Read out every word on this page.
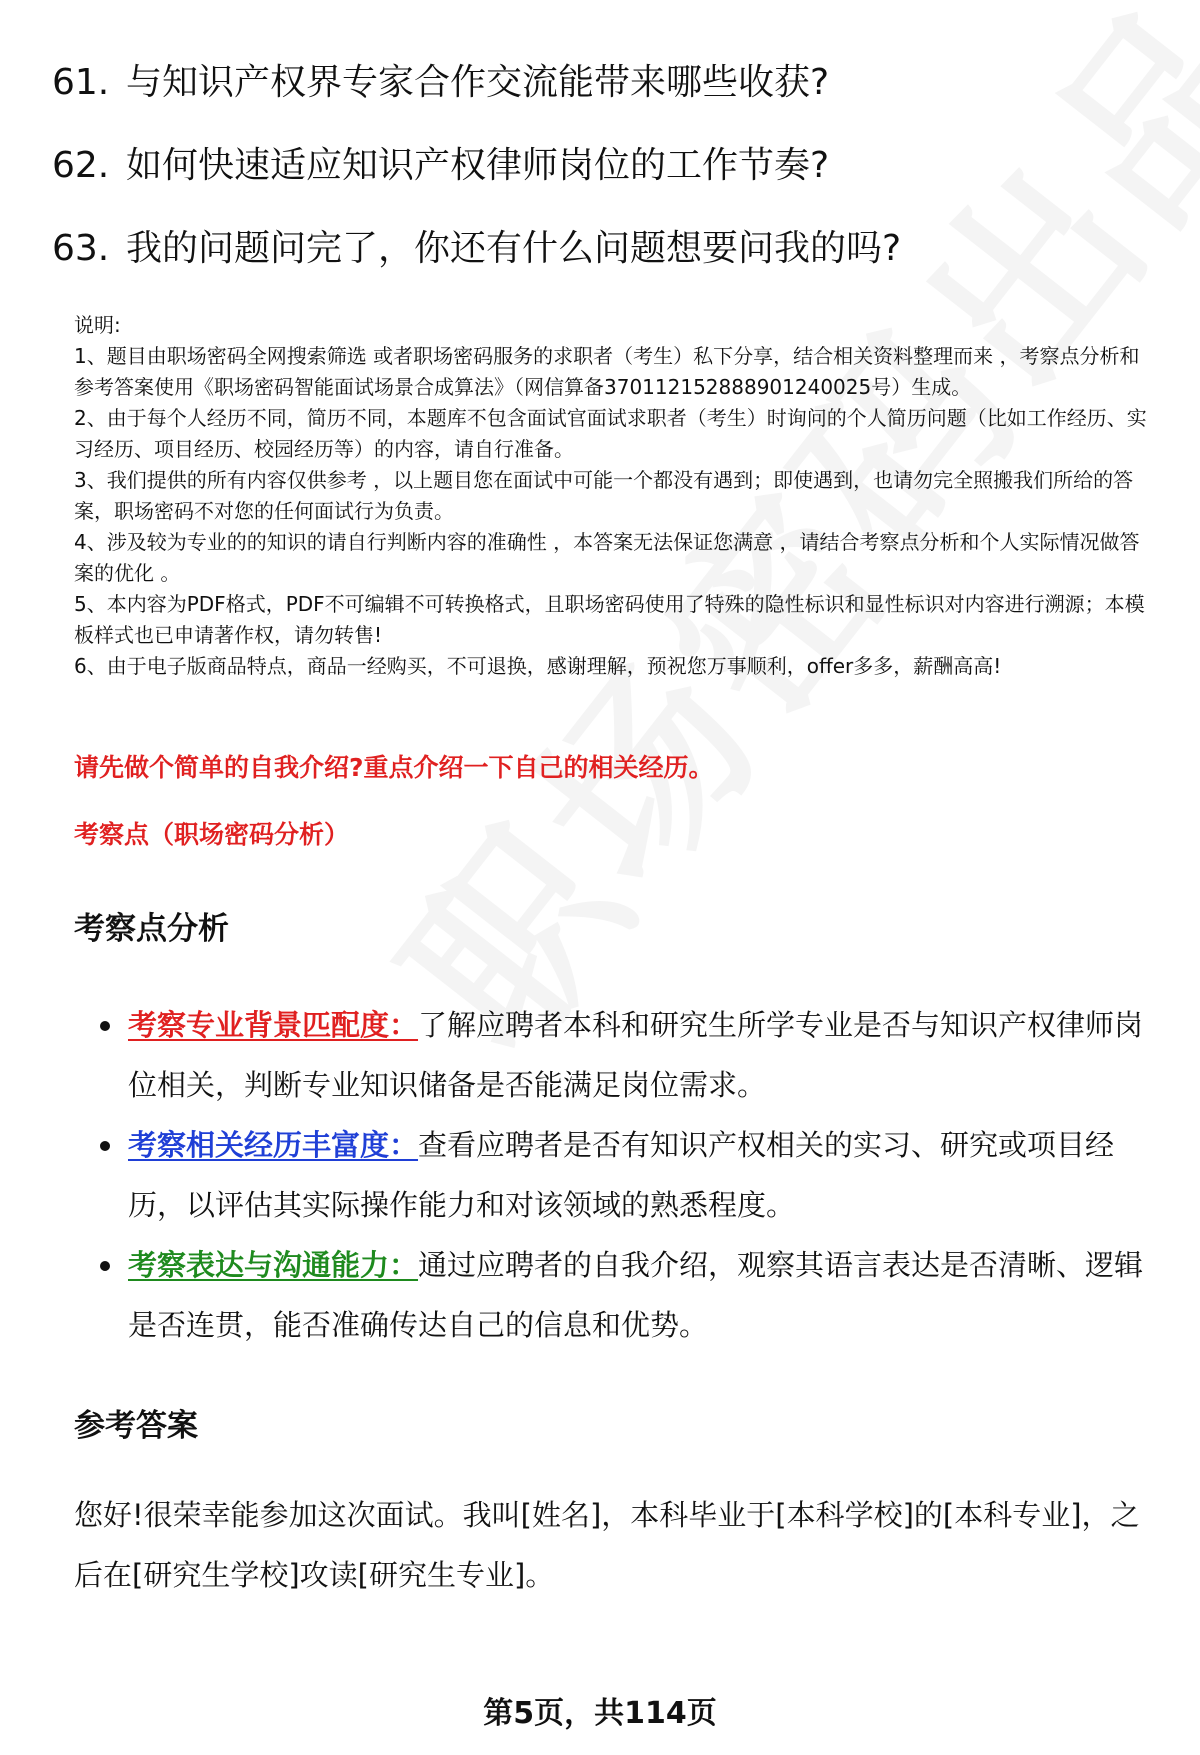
61. 与知识产权界专家合作交流能带来哪些收获?
62. 如何快速适应知识产权律师岗位的工作节奏?
63. 我的问题问完了，你还有什么问题想要问我的吗?

说明:

1、题目由职场密码全网搜索筛选 或者职场密码服务的求职者（考生）私下分享，结合相关资料整理而来 ，考察点分析和参考答案使用《职场密码智能面试场景合成算法》（网信算备370112152888901240025号）生成。

2、由于每个人经历不同，简历不同，本题库不包含面试官面试求职者（考生）时询问的个人简历问题（比如工作经历、实习经历、项目经历、校园经历等）的内容，请自行准备。

3、我们提供的所有内容仅供参考 ，以上题目您在面试中可能一个都没有遇到；即使遇到，也请勿完全照搬我们所给的答案，职场密码不对您的任何面试行为负责。

4、涉及较为专业的的知识的请自行判断内容的准确性 ，本答案无法保证您满意 ，请结合考察点分析和个人实际情况做答案的优化 。

5、本内容为PDF格式，PDF不可编辑不可转换格式，且职场密码使用了特殊的隐性标识和显性标识对内容进行溯源；本模板样式也已申请著作权，请勿转售!

6、由于电子版商品特点，商品一经购买，不可退换，感谢理解，预祝您万事顺利，offer多多，薪酬高高!

请先做个简单的自我介绍?重点介绍一下自己的相关经历。
考察点（职场密码分析）
考察点分析
考察专业背景匹配度：了解应聘者本科和研究生所学专业是否与知识产权律师岗位相关，判断专业知识储备是否能满足岗位需求。
考察相关经历丰富度：查看应聘者是否有知识产权相关的实习、研究或项目经历，以评估其实际操作能力和对该领域的熟悉程度。
考察表达与沟通能力：通过应聘者的自我介绍，观察其语言表达是否清晰、逻辑是否连贯，能否准确传达自己的信息和优势。
参考答案

您好!很荣幸能参加这次面试。我叫[姓名]，本科毕业于[本科学校]的[本科专业]，之后在[研究生学校]攻读[研究生专业]。

第5页，共114页
